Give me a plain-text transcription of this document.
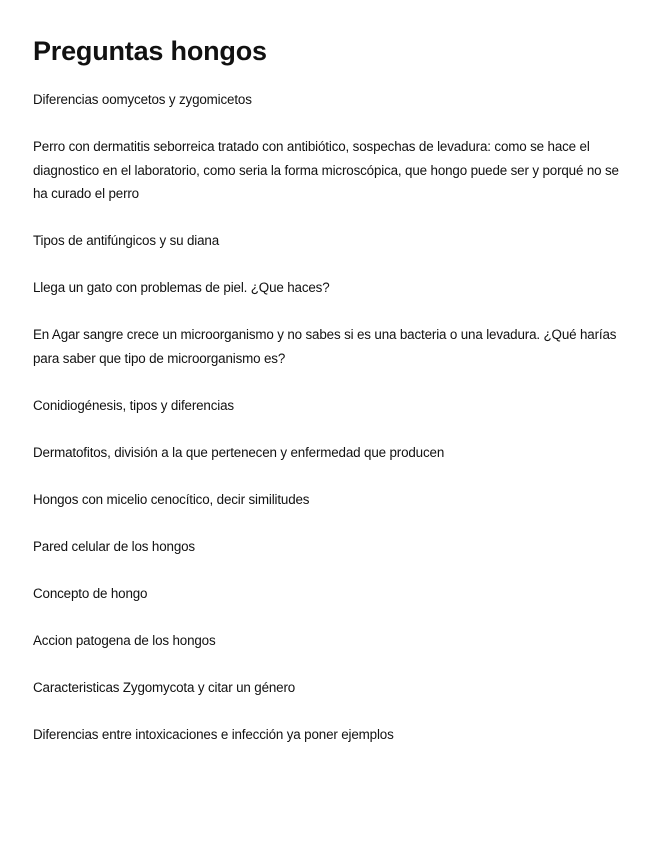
Preguntas hongos
Diferencias oomycetos y zygomicetos
Perro con dermatitis seborreica tratado con antibiótico, sospechas de levadura: como se hace el diagnostico en el laboratorio, como seria la forma microscópica, que hongo puede ser y porqué no se ha curado el perro
Tipos de antifúngicos y su diana
Llega un gato con problemas de piel. ¿Que haces?
En Agar sangre crece un microorganismo y no sabes si es una bacteria o una levadura. ¿Qué harías para saber que tipo de microorganismo es?
Conidiogénesis, tipos y diferencias
Dermatofitos, división a la que pertenecen y enfermedad que producen
Hongos con micelio cenocítico, decir similitudes
Pared celular de los hongos
Concepto de hongo
Accion patogena de los hongos
Caracteristicas Zygomycota y citar un género
Diferencias entre intoxicaciones e infección ya poner ejemplos
